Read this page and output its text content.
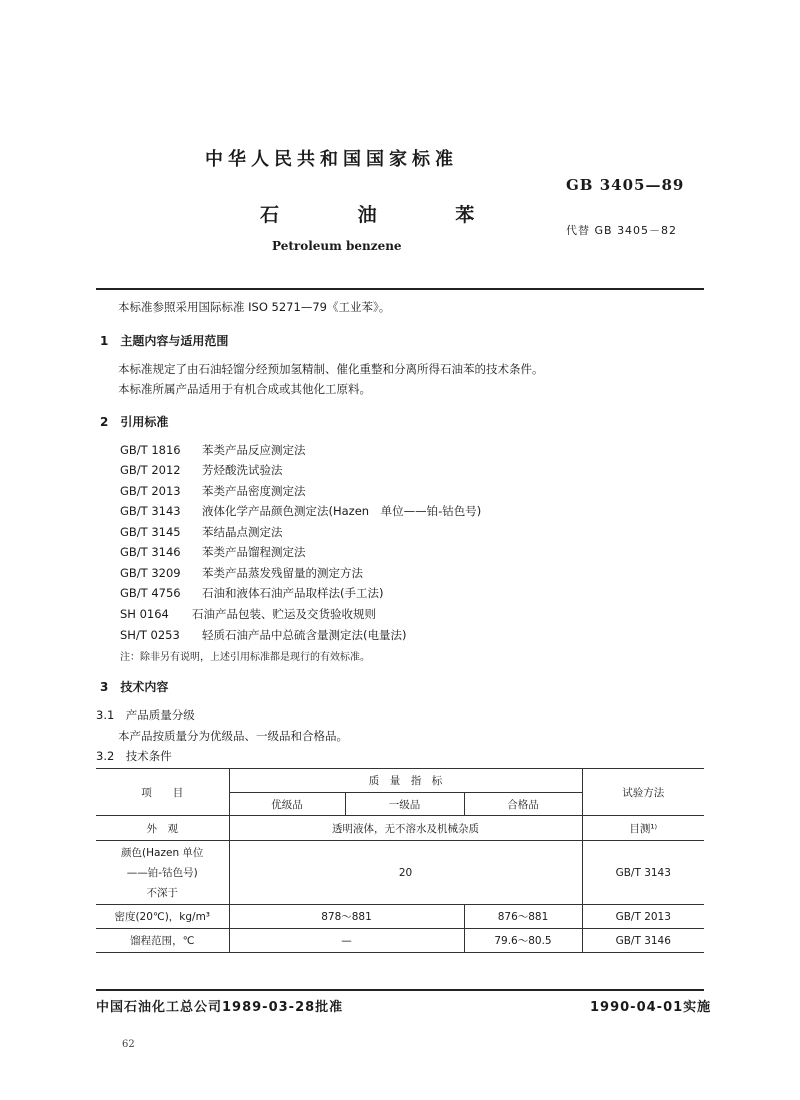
中华人民共和国国家标准
GB 3405—89
石 油 苯
代替 GB 3405－82
Petroleum benzene
本标准参照采用国际标准 ISO 5271—79《工业苯》。
1　主题内容与适用范围
本标准规定了由石油轻馏分经预加氢精制、催化重整和分离所得石油苯的技术条件。
本标准所属产品适用于有机合成或其他化工原料。
2　引用标准
GB/T 1816 苯类产品反应测定法
GB/T 2012 芳烃酸洗试验法
GB/T 2013 苯类产品密度测定法
GB/T 3143 液体化学产品颜色测定法(Hazen　单位——铂-钴色号)
GB/T 3145 苯结晶点测定法
GB/T 3146 苯类产品馏程测定法
GB/T 3209 苯类产品蒸发残留量的测定方法
GB/T 4756 石油和液体石油产品取样法(手工法)
SH 0164 石油产品包装、贮运及交货验收规则
SH/T 0253 轻质石油产品中总硫含量测定法(电量法)
注：除非另有说明，上述引用标准都是现行的有效标准。
3　技术内容
3.1　产品质量分级
本产品按质量分为优级品、一级品和合格品。
3.2　技术条件
项　　目	质　量　指　标			试验方法
	优级品	一级品	合格品	
外　观	透明液体，无不溶水及机械杂质			目测¹⁾

颜色(Hazen 单位
——铂-钴色号)
不深于	20			GB/T 3143
密度(20℃)，kg/m³	878～881		876～881	GB/T 2013
馏程范围，℃	—		79.6～80.5	GB/T 3146
中国石油化工总公司1989-03-28批准	1990-04-01实施
62
